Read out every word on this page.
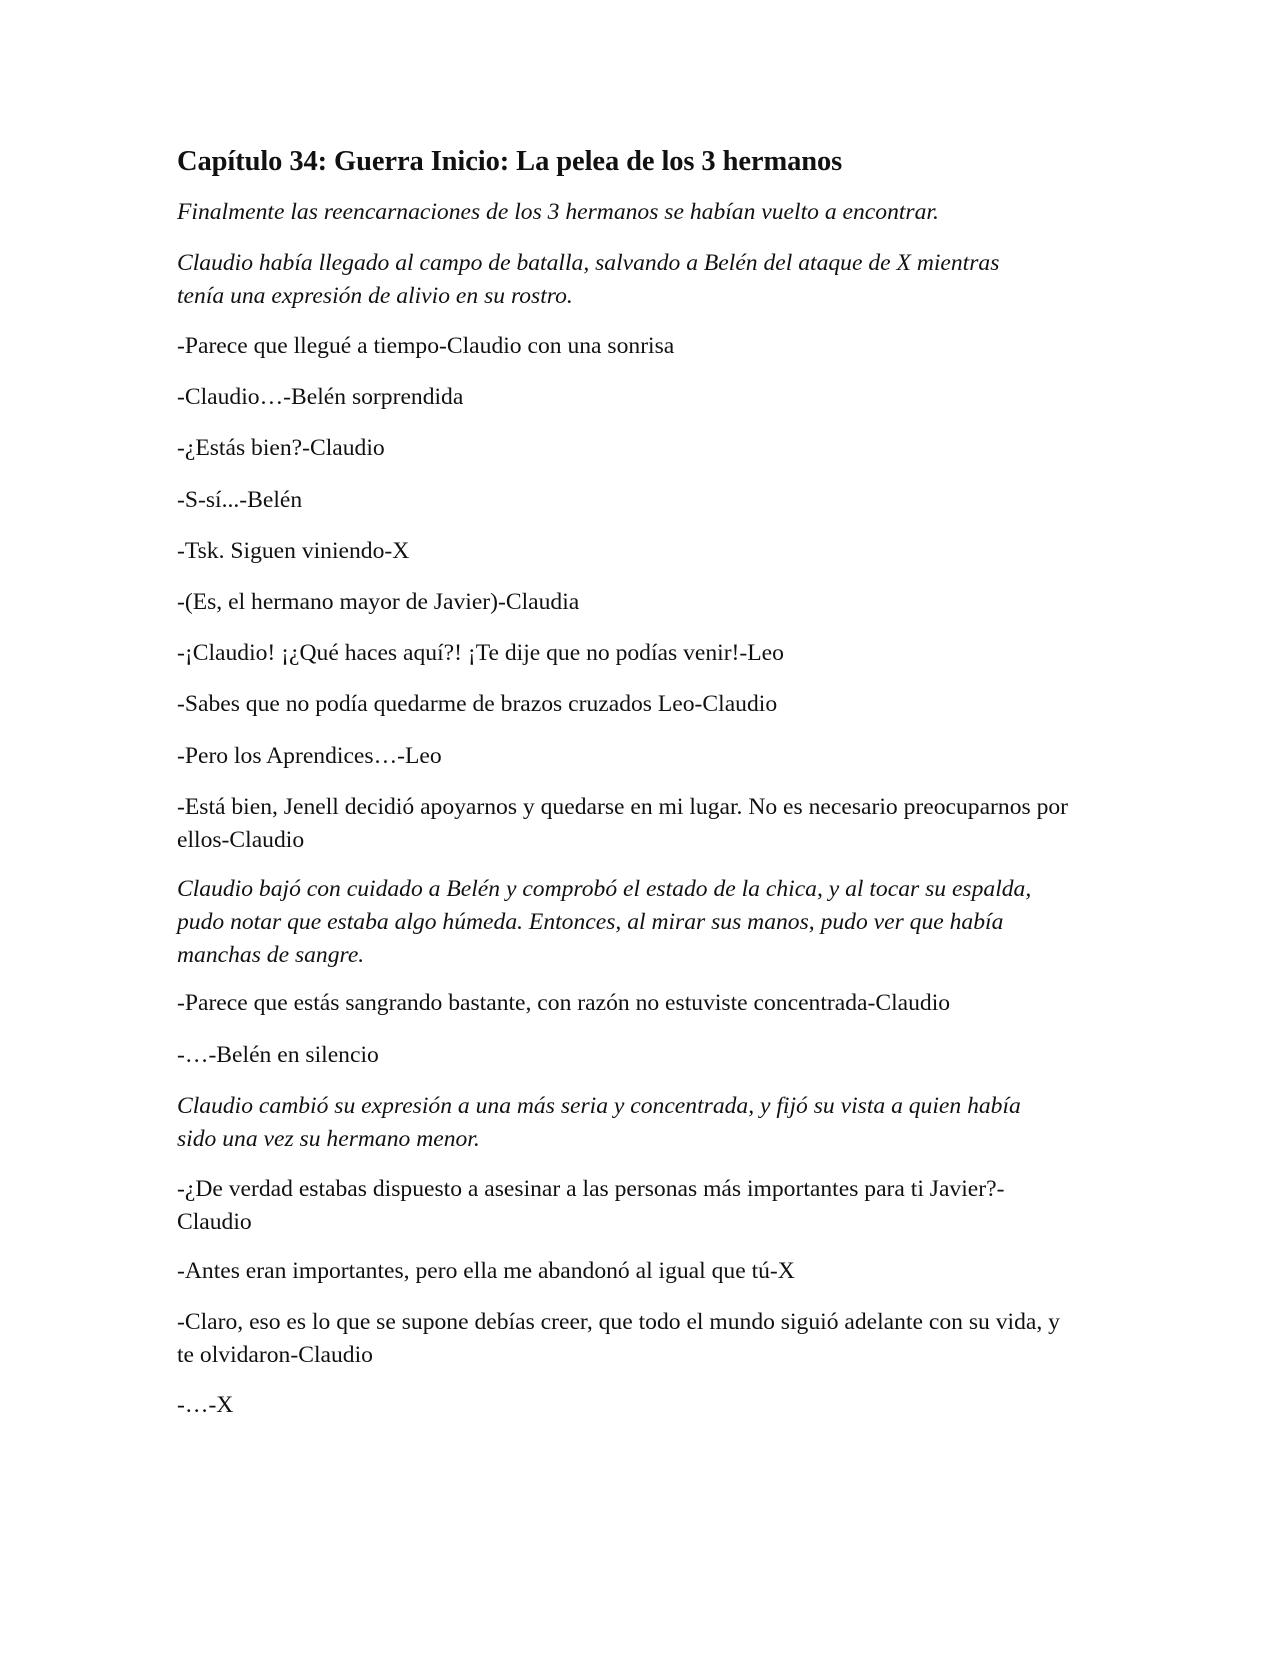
Capítulo 34: Guerra Inicio: La pelea de los 3 hermanos

Finalmente las reencarnaciones de los 3 hermanos se habían vuelto a encontrar.

Claudio había llegado al campo de batalla, salvando a Belén del ataque de X mientras tenía una expresión de alivio en su rostro.

-Parece que llegué a tiempo-Claudio con una sonrisa

-Claudio…-Belén sorprendida

-¿Estás bien?-Claudio

-S-sí...-Belén

-Tsk. Siguen viniendo-X

-(Es, el hermano mayor de Javier)-Claudia

-¡Claudio! ¡¿Qué haces aquí?! ¡Te dije que no podías venir!-Leo

-Sabes que no podía quedarme de brazos cruzados Leo-Claudio

-Pero los Aprendices…-Leo

-Está bien, Jenell decidió apoyarnos y quedarse en mi lugar. No es necesario preocuparnos por ellos-Claudio

Claudio bajó con cuidado a Belén y comprobó el estado de la chica, y al tocar su espalda, pudo notar que estaba algo húmeda. Entonces, al mirar sus manos, pudo ver que había manchas de sangre.

-Parece que estás sangrando bastante, con razón no estuviste concentrada-Claudio

-…-Belén en silencio

Claudio cambió su expresión a una más seria y concentrada, y fijó su vista a quien había sido una vez su hermano menor.

-¿De verdad estabas dispuesto a asesinar a las personas más importantes para ti Javier?-Claudio

-Antes eran importantes, pero ella me abandonó al igual que tú-X

-Claro, eso es lo que se supone debías creer, que todo el mundo siguió adelante con su vida, y te olvidaron-Claudio

-…-X
